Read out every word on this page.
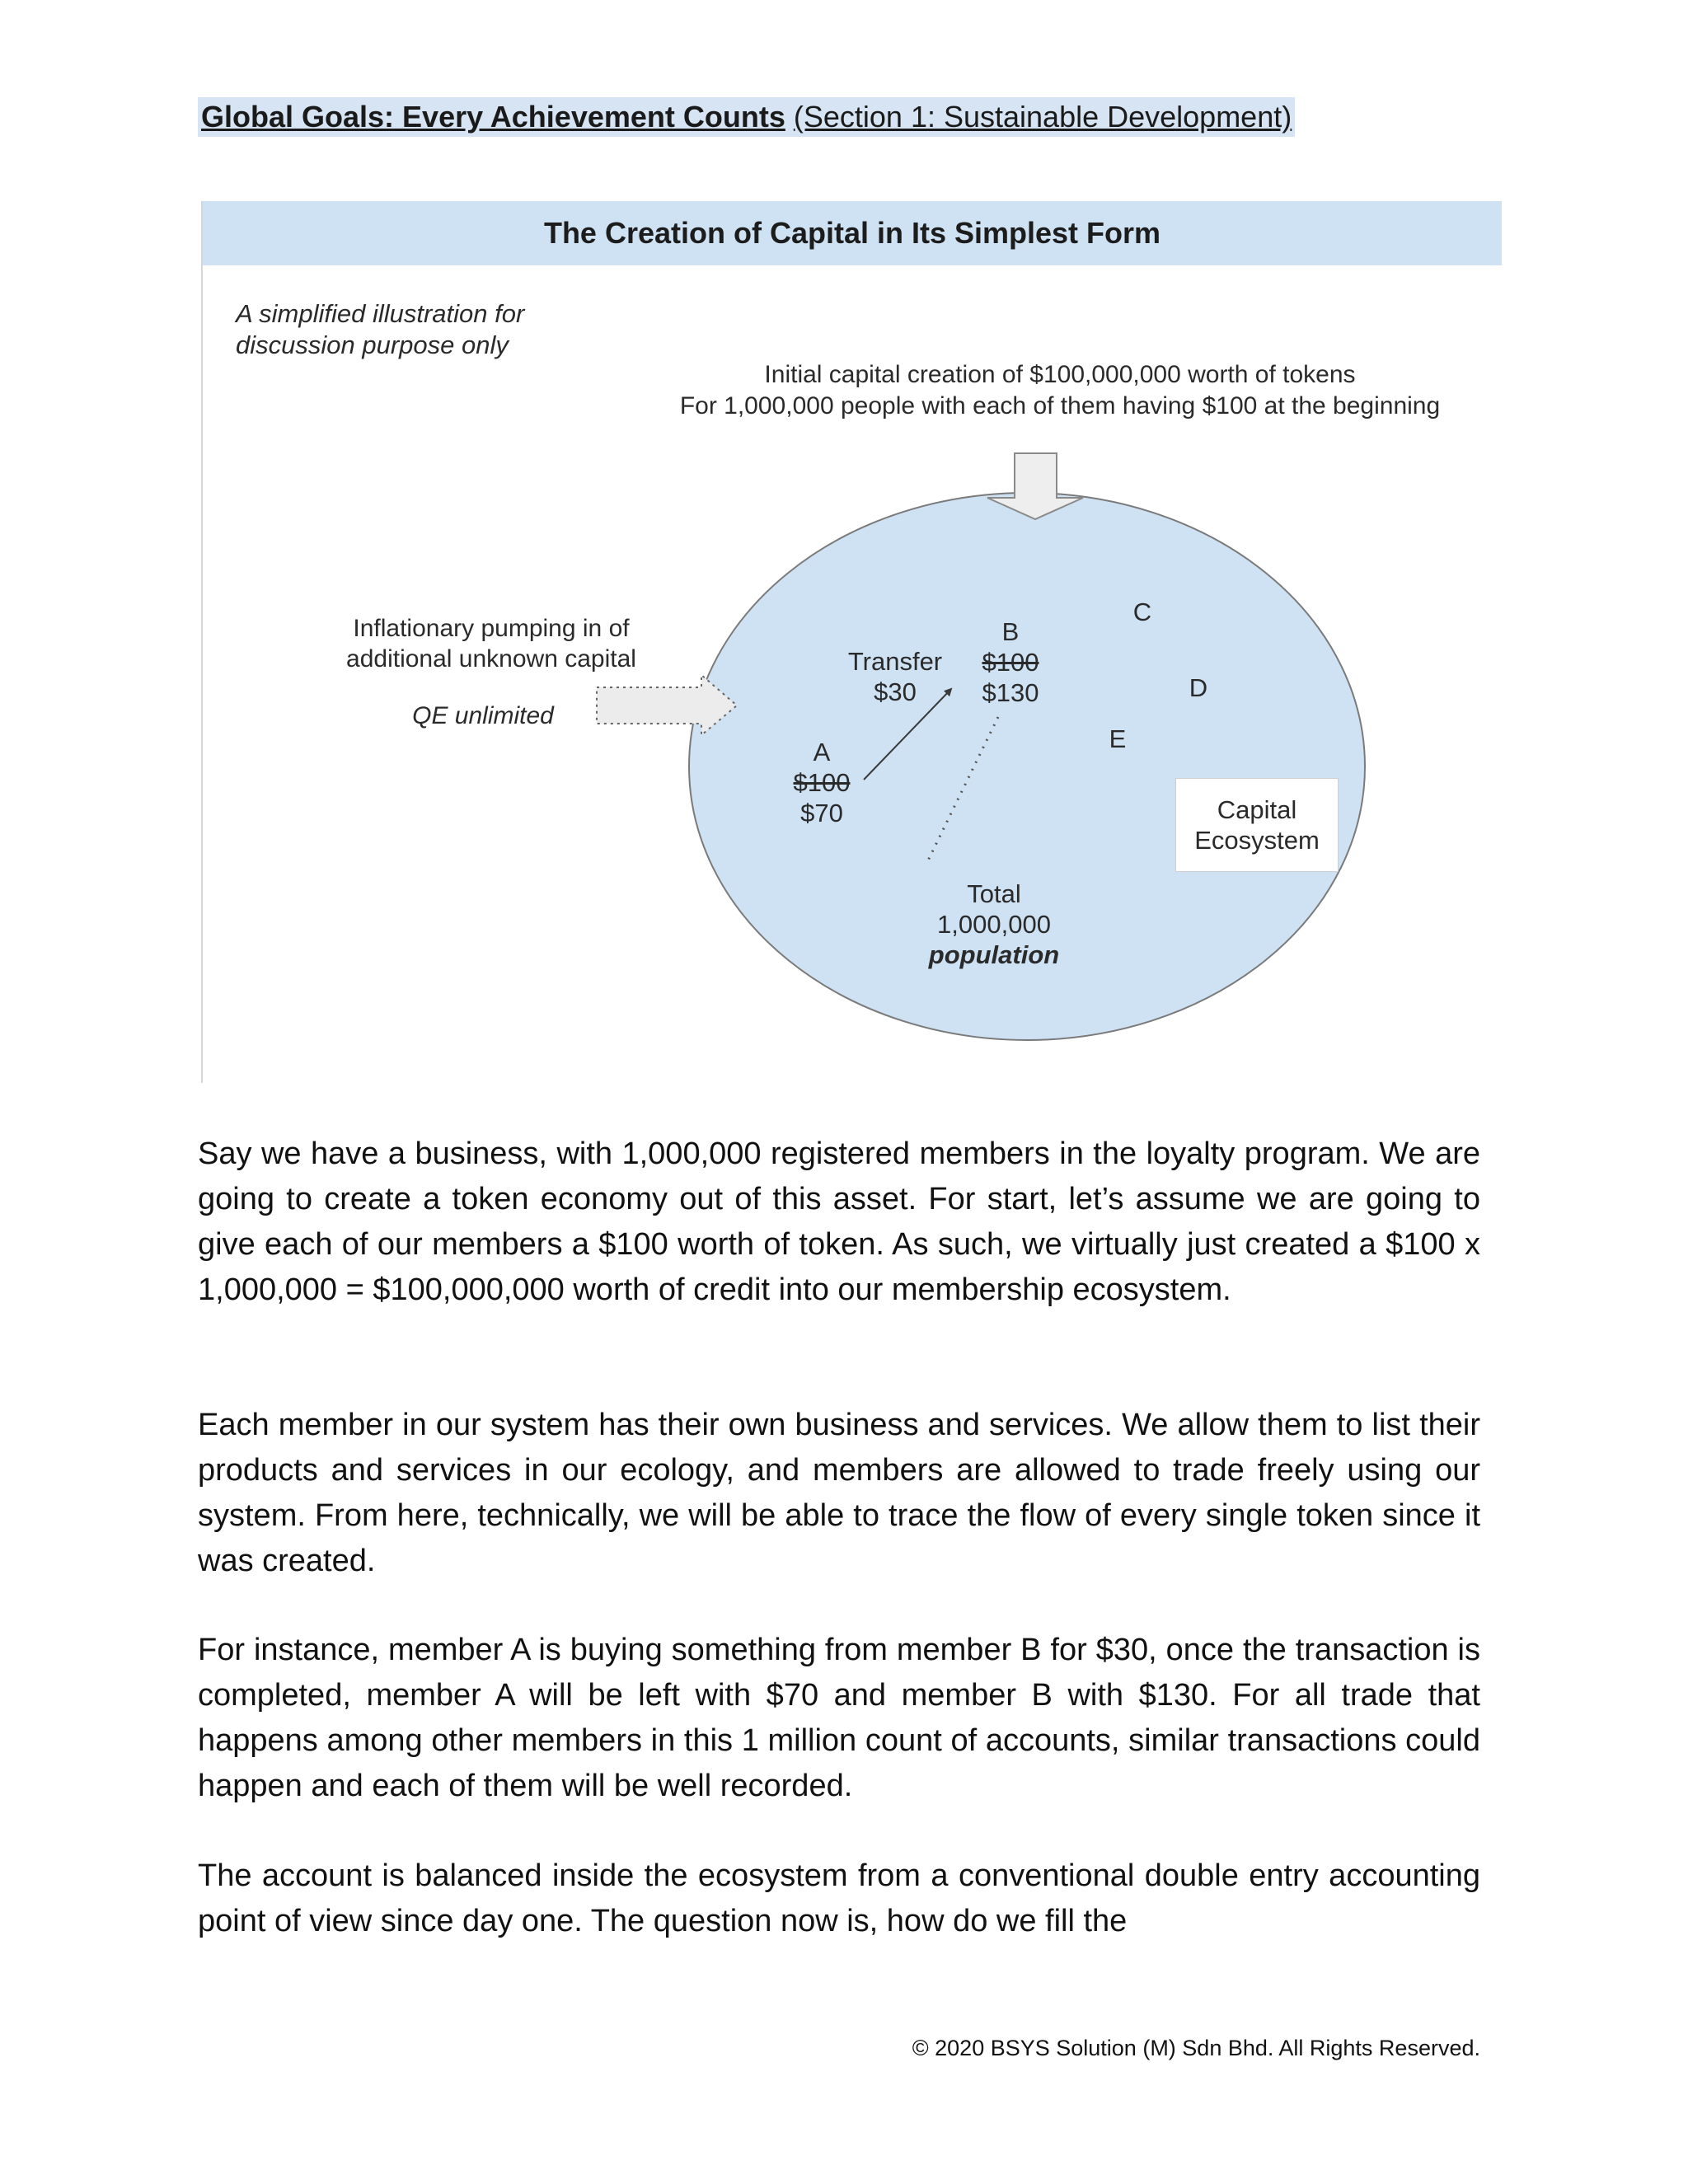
Global Goals: Every Achievement Counts (Section 1: Sustainable Development)
The Creation of Capital in Its Simplest Form
A simplified illustration for
discussion purpose only
Initial capital creation of $100,000,000 worth of tokens
For 1,000,000 people with each of them having $100 at the beginning
Inflationary pumping in of
additional unknown capital
QE unlimited
Transfer
$30
B
$100
$130
A
$100
$70
C
D
E
Total
1,000,000
population
Capital
Ecosystem
Say we have a business, with 1,000,000 registered members in the loyalty program. We are going to create a token economy out of this asset. For start, let’s assume we are going to give each of our members a $100 worth of token. As such, we virtually just created a $100 x 1,000,000 = $100,000,000 worth of credit into our membership ecosystem.
Each member in our system has their own business and services. We allow them to list their products and services in our ecology, and members are allowed to trade freely using our system. From here, technically, we will be able to trace the flow of every single token since it was created.
For instance, member A is buying something from member B for $30, once the transaction is completed, member A will be left with $70 and member B with $130. For all trade that happens among other members in this 1 million count of accounts, similar transactions could happen and each of them will be well recorded.
The account is balanced inside the ecosystem from a conventional double entry accounting point of view since day one. The question now is, how do we fill the
© 2020 BSYS Solution (M) Sdn Bhd. All Rights Reserved.
